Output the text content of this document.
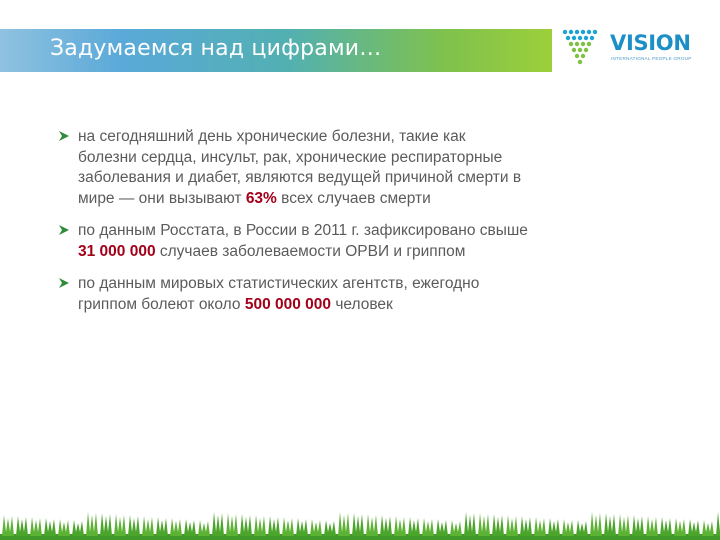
Задумаемся над цифрами…	VISION
INTERNATIONAL PEOPLE GROUP
на сегодняшний день хронические болезни, такие как болезни сердца, инсульт, рак, хронические респираторные заболевания и диабет, являются ведущей причиной смерти в мире — они вызывают 63% всех случаев смерти
по данным Росстата, в России в 2011 г. зафиксировано свыше 31 000 000 случаев заболеваемости ОРВИ и гриппом
по данным мировых статистических агентств, ежегодно гриппом болеют около 500 000 000 человек
